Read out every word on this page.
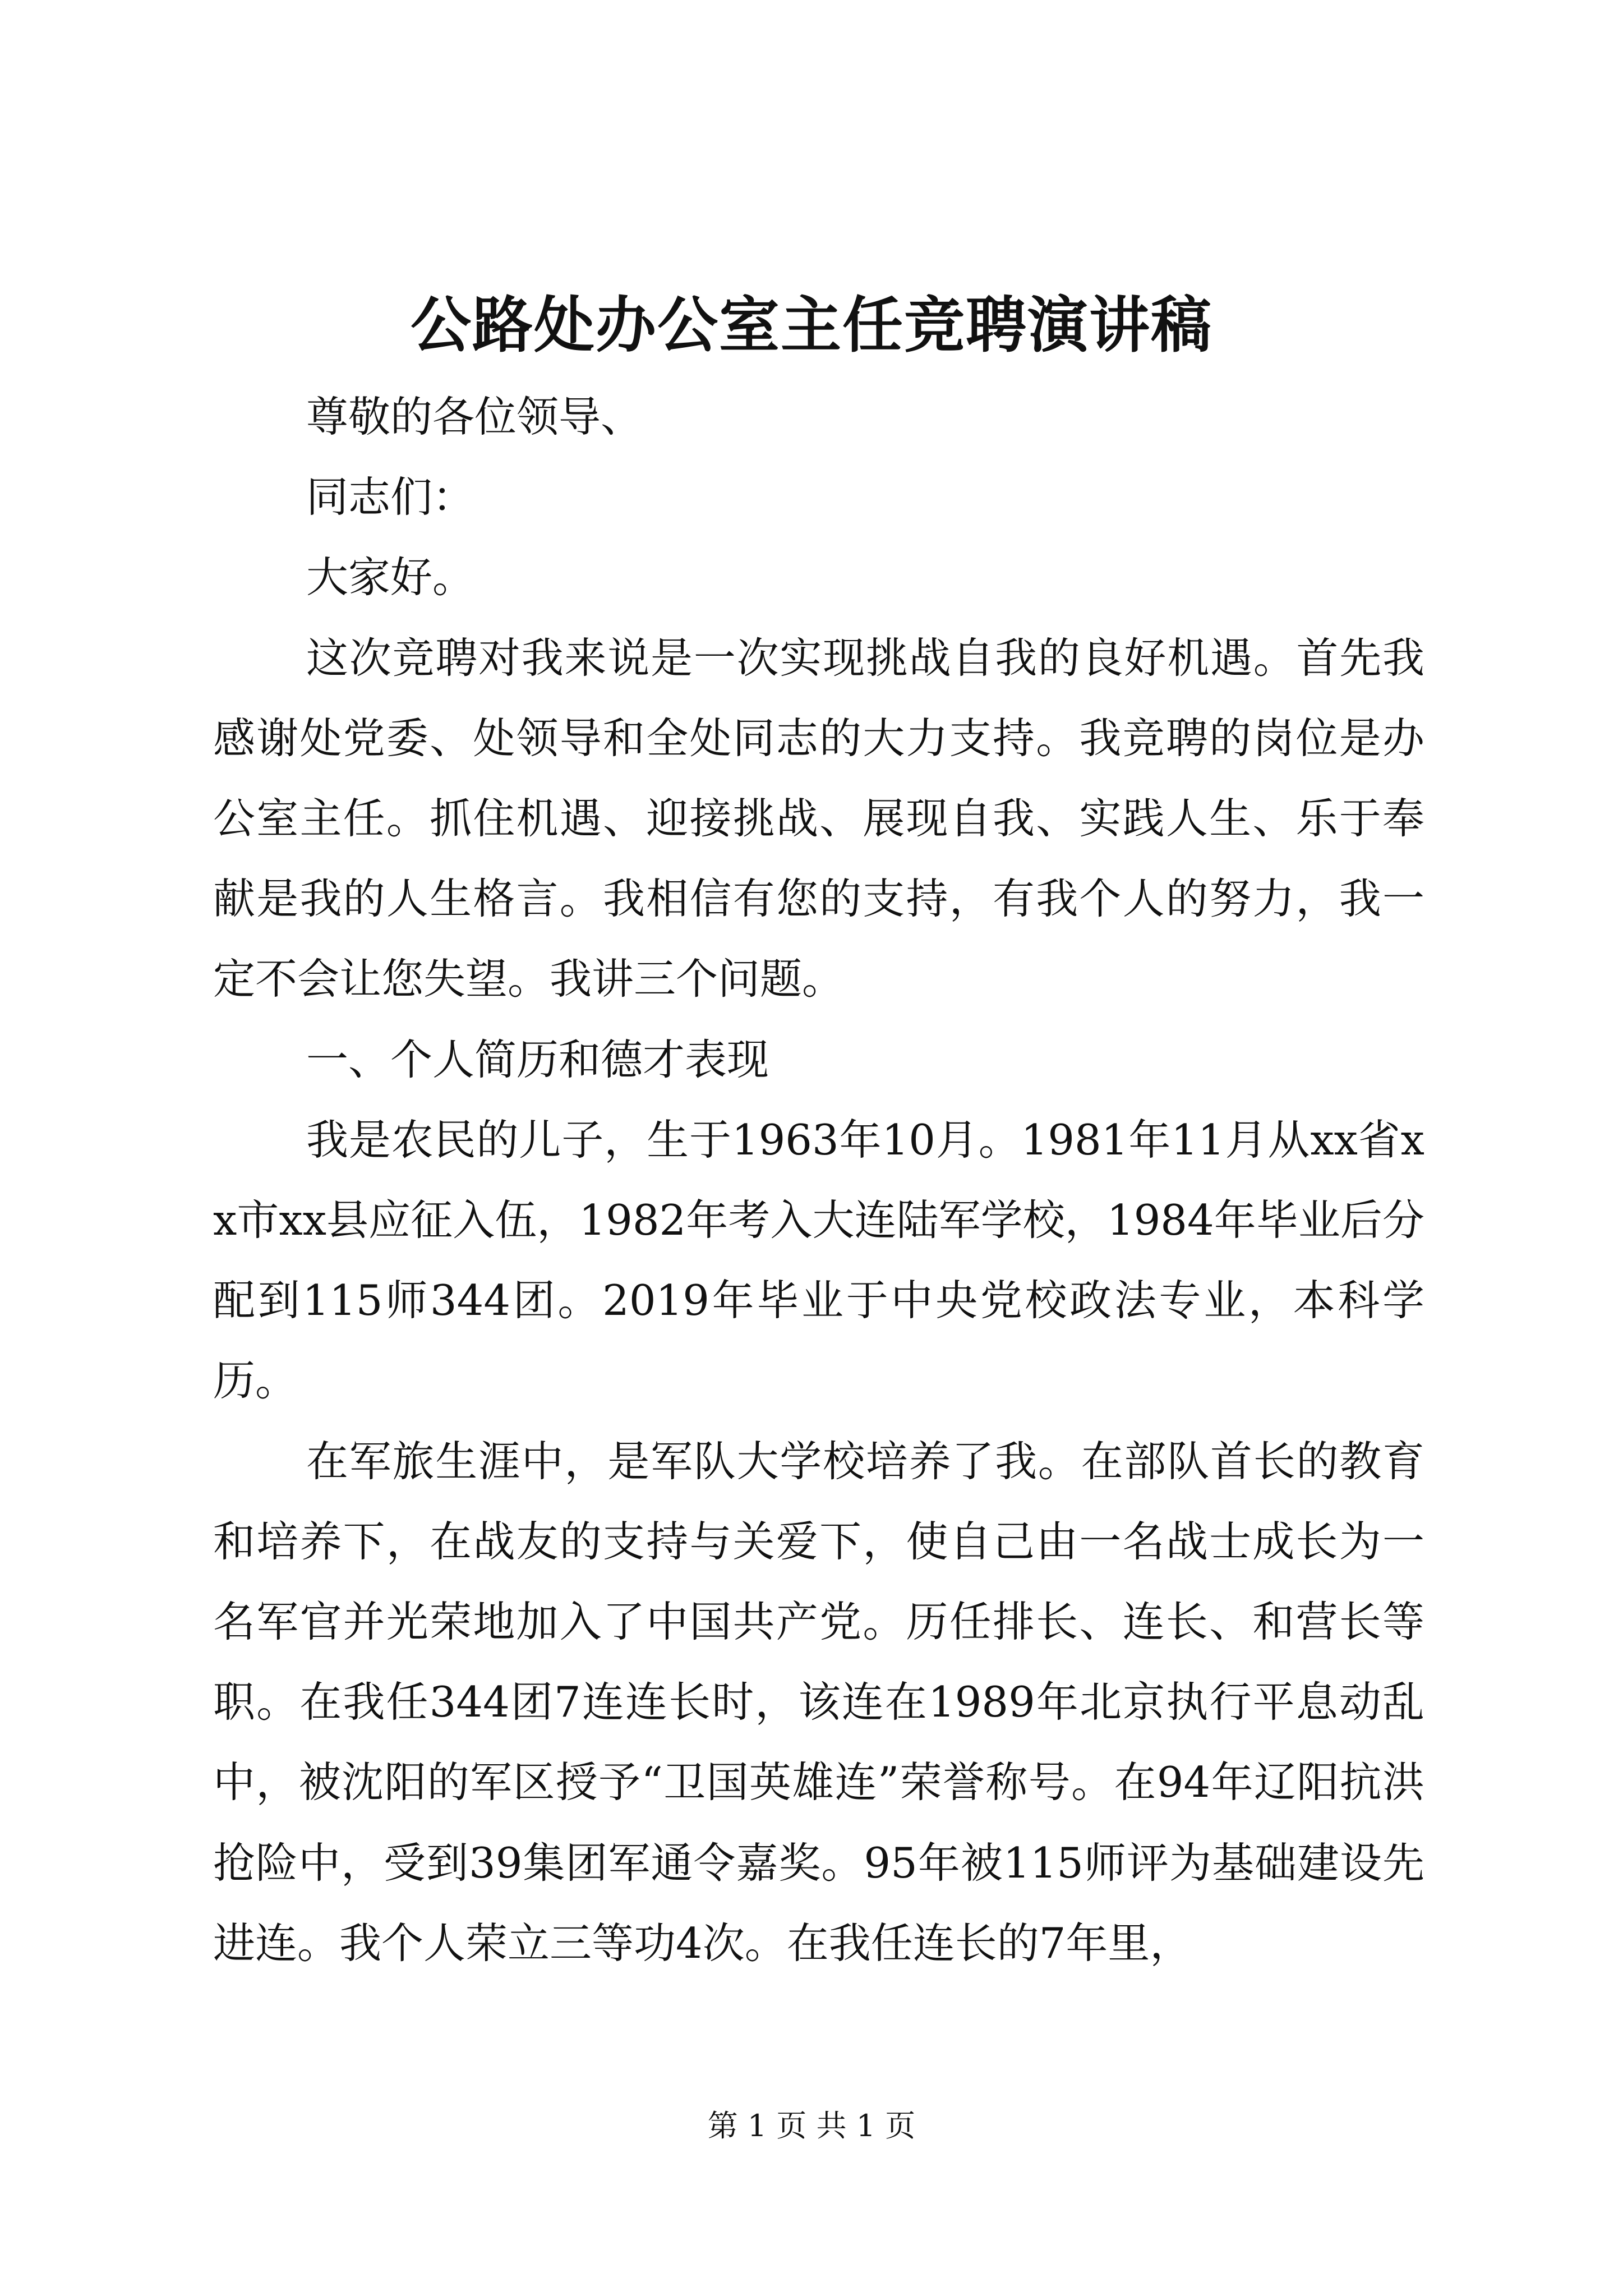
公路处办公室主任竞聘演讲稿

尊敬的各位领导、

同志们：

大家好。

这次竞聘对我来说是一次实现挑战自我的良好机遇。首先我感谢处党委、处领导和全处同志的大力支持。我竞聘的岗位是办公室主任。抓住机遇、迎接挑战、展现自我、实践人生、乐于奉献是我的人生格言。我相信有您的支持，有我个人的努力，我一定不会让您失望。我讲三个问题。

一、个人简历和德才表现

我是农民的儿子，生于1963年10月。1981年11月从xx省xx市xx县应征入伍，1982年考入大连陆军学校，1984年毕业后分配到115师344团。2019年毕业于中央党校政法专业，本科学历。

在军旅生涯中，是军队大学校培养了我。在部队首长的教育和培养下，在战友的支持与关爱下，使自己由一名战士成长为一名军官并光荣地加入了中国共产党。历任排长、连长、和营长等职。在我任344团7连连长时，该连在1989年北京执行平息动乱中，被沈阳的军区授予“卫国英雄连”荣誉称号。在94年辽阳抗洪抢险中，受到39集团军通令嘉奖。95年被115师评为基础建设先进连。我个人荣立三等功4次。在我任连长的7年里，

第 1 页 共 1 页
